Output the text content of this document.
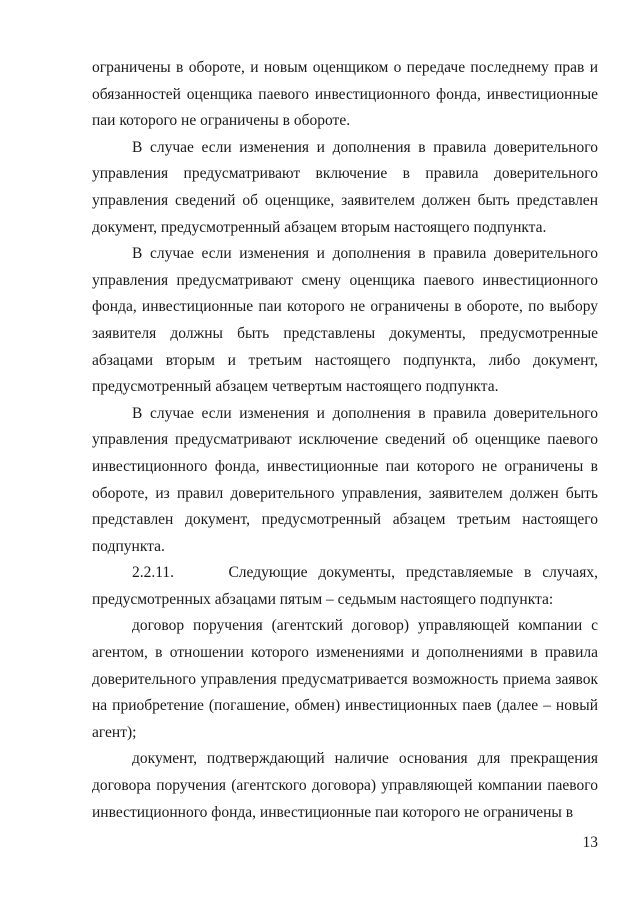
ограничены в обороте, и новым оценщиком о передаче последнему прав и обязанностей оценщика паевого инвестиционного фонда, инвестиционные паи которого не ограничены в обороте.

В случае если изменения и дополнения в правила доверительного управления предусматривают включение в правила доверительного управления сведений об оценщике, заявителем должен быть представлен документ, предусмотренный абзацем вторым настоящего подпункта.

В случае если изменения и дополнения в правила доверительного управления предусматривают смену оценщика паевого инвестиционного фонда, инвестиционные паи которого не ограничены в обороте, по выбору заявителя должны быть представлены документы, предусмотренные абзацами вторым и третьим настоящего подпункта, либо документ, предусмотренный абзацем четвертым настоящего подпункта.

В случае если изменения и дополнения в правила доверительного управления предусматривают исключение сведений об оценщике паевого инвестиционного фонда, инвестиционные паи которого не ограничены в обороте, из правил доверительного управления, заявителем должен быть представлен документ, предусмотренный абзацем третьим настоящего подпункта.

2.2.11.	Следующие документы, представляемые в случаях, предусмотренных абзацами пятым – седьмым настоящего подпункта:

договор поручения (агентский договор) управляющей компании с агентом, в отношении которого изменениями и дополнениями в правила доверительного управления предусматривается возможность приема заявок на приобретение (погашение, обмен) инвестиционных паев (далее – новый агент);

документ, подтверждающий наличие основания для прекращения договора поручения (агентского договора) управляющей компании паевого инвестиционного фонда, инвестиционные паи которого не ограничены в

13
